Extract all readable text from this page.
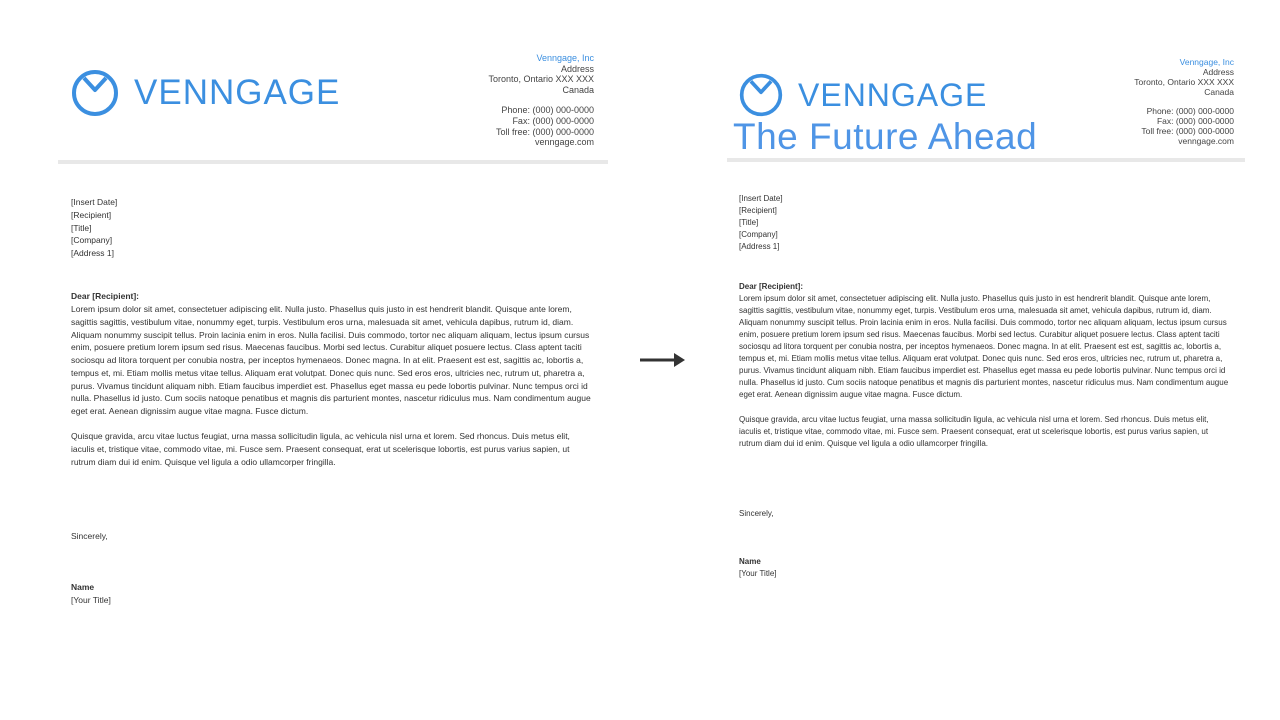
VENNGAGE
Venngage, Inc
Address
Toronto, Ontario XXX XXX
Canada
Phone: (000) 000-0000
Fax: (000) 000-0000
Toll free: (000) 000-0000
venngage.com
[Insert Date]
[Recipient]
[Title]
[Company]
[Address 1]
Dear [Recipient]:
Lorem ipsum dolor sit amet, consectetuer adipiscing elit. Nulla justo. Phasellus quis justo in est hendrerit blandit. Quisque ante lorem, sagittis sagittis, vestibulum vitae, nonummy eget, turpis. Vestibulum eros urna, malesuada sit amet, vehicula dapibus, rutrum id, diam. Aliquam nonummy suscipit tellus. Proin lacinia enim in eros. Nulla facilisi. Duis commodo, tortor nec aliquam aliquam, lectus ipsum cursus enim, posuere pretium lorem ipsum sed risus. Maecenas faucibus. Morbi sed lectus. Curabitur aliquet posuere lectus. Class aptent taciti sociosqu ad litora torquent per conubia nostra, per inceptos hymenaeos. Donec magna. In at elit. Praesent est est, sagittis ac, lobortis a, tempus et, mi. Etiam mollis metus vitae tellus. Aliquam erat volutpat. Donec quis nunc. Sed eros eros, ultricies nec, rutrum ut, pharetra a, purus. Vivamus tincidunt aliquam nibh. Etiam faucibus imperdiet est. Phasellus eget massa eu pede lobortis pulvinar. Nunc tempus orci id nulla. Phasellus id justo. Cum sociis natoque penatibus et magnis dis parturient montes, nascetur ridiculus mus. Nam condimentum augue eget erat. Aenean dignissim augue vitae magna. Fusce dictum.
Quisque gravida, arcu vitae luctus feugiat, urna massa sollicitudin ligula, ac vehicula nisl urna et lorem. Sed rhoncus. Duis metus elit, iaculis et, tristique vitae, commodo vitae, mi. Fusce sem. Praesent consequat, erat ut scelerisque lobortis, est purus varius sapien, ut rutrum diam dui id enim. Quisque vel ligula a odio ullamcorper fringilla.
Sincerely,
Name
[Your Title]
VENNGAGE
Venngage, Inc
Address
Toronto, Ontario XXX XXX
Canada
Phone: (000) 000-0000
Fax: (000) 000-0000
Toll free: (000) 000-0000
venngage.com
[Insert Date]
[Recipient]
[Title]
[Company]
[Address 1]
Dear [Recipient]:
Lorem ipsum dolor sit amet, consectetuer adipiscing elit. Nulla justo. Phasellus quis justo in est hendrerit blandit. Quisque ante lorem, sagittis sagittis, vestibulum vitae, nonummy eget, turpis. Vestibulum eros urna, malesuada sit amet, vehicula dapibus, rutrum id, diam. Aliquam nonummy suscipit tellus. Proin lacinia enim in eros. Nulla facilisi. Duis commodo, tortor nec aliquam aliquam, lectus ipsum cursus enim, posuere pretium lorem ipsum sed risus. Maecenas faucibus. Morbi sed lectus. Curabitur aliquet posuere lectus. Class aptent taciti sociosqu ad litora torquent per conubia nostra, per inceptos hymenaeos. Donec magna. In at elit. Praesent est est, sagittis ac, lobortis a, tempus et, mi. Etiam mollis metus vitae tellus. Aliquam erat volutpat. Donec quis nunc. Sed eros eros, ultricies nec, rutrum ut, pharetra a, purus. Vivamus tincidunt aliquam nibh. Etiam faucibus imperdiet est. Phasellus eget massa eu pede lobortis pulvinar. Nunc tempus orci id nulla. Phasellus id justo. Cum sociis natoque penatibus et magnis dis parturient montes, nascetur ridiculus mus. Nam condimentum augue eget erat. Aenean dignissim augue vitae magna. Fusce dictum.
Quisque gravida, arcu vitae luctus feugiat, urna massa sollicitudin ligula, ac vehicula nisl urna et lorem. Sed rhoncus. Duis metus elit, iaculis et, tristique vitae, commodo vitae, mi. Fusce sem. Praesent consequat, erat ut scelerisque lobortis, est purus varius sapien, ut rutrum diam dui id enim. Quisque vel ligula a odio ullamcorper fringilla.
Sincerely,
Name
[Your Title]
The Future Ahead
